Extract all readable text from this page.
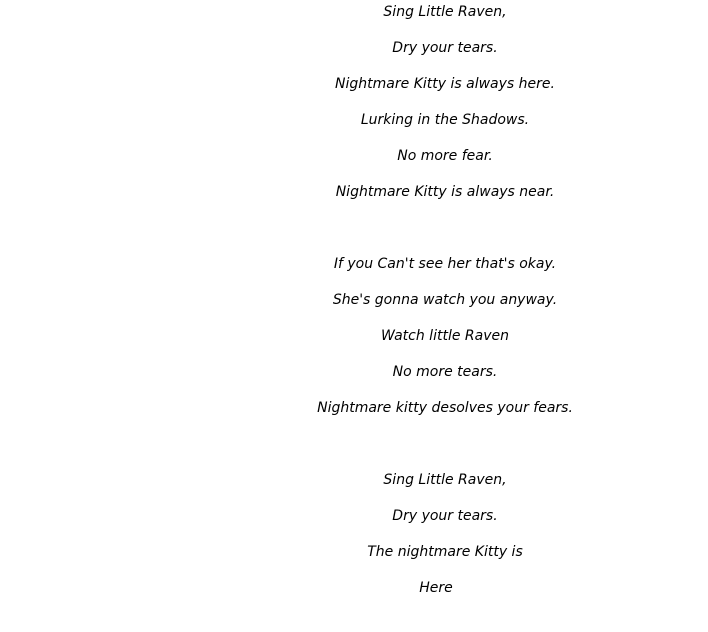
Sing Little Raven,
Dry your tears.
Nightmare Kitty is always here.
Lurking in the Shadows.
No more fear.
Nightmare Kitty is always near.
If you Can't see her that's okay.
She's gonna watch you anyway.
Watch little Raven
No more tears.
Nightmare kitty desolves your fears.
Sing Little Raven,
Dry your tears.
The nightmare Kitty is
Here
